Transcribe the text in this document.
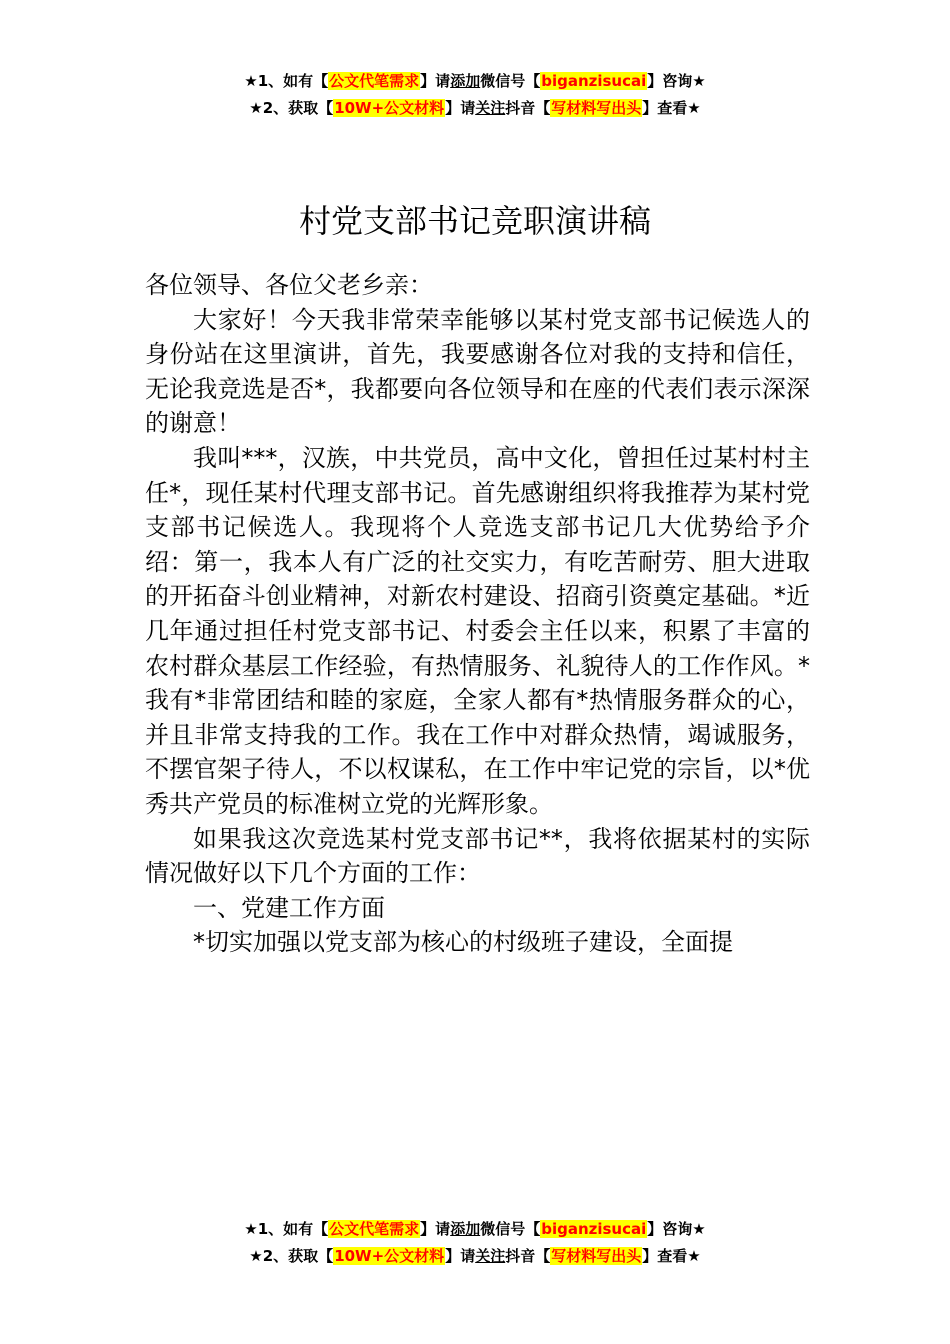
★1、如有【公文代笔需求】请添加微信号【biganzisucai】咨询★
★2、获取【10W+公文材料】请关注抖音【写材料写出头】查看★
村党支部书记竞职演讲稿

各位领导、各位父老乡亲：

大家好！今天我非常荣幸能够以某村党支部书记候选人的身份站在这里演讲，首先，我要感谢各位对我的支持和信任，无论我竞选是否*，我都要向各位领导和在座的代表们表示深深的谢意！

我叫***，汉族，中共党员，高中文化，曾担任过某村村主任*，现任某村代理支部书记。首先感谢组织将我推荐为某村党支部书记候选人。我现将个人竞选支部书记几大优势给予介绍：第一，我本人有广泛的社交实力，有吃苦耐劳、胆大进取的开拓奋斗创业精神，对新农村建设、招商引资奠定基础。*近几年通过担任村党支部书记、村委会主任以来，积累了丰富的农村群众基层工作经验，有热情服务、礼貌待人的工作作风。*我有*非常团结和睦的家庭，全家人都有*热情服务群众的心，并且非常支持我的工作。我在工作中对群众热情，竭诚服务，不摆官架子待人，不以权谋私，在工作中牢记党的宗旨，以*优秀共产党员的标准树立党的光辉形象。

如果我这次竞选某村党支部书记**，我将依据某村的实际情况做好以下几个方面的工作：

一、党建工作方面

*切实加强以党支部为核心的村级班子建设，全面提

★1、如有【公文代笔需求】请添加微信号【biganzisucai】咨询★
★2、获取【10W+公文材料】请关注抖音【写材料写出头】查看★
